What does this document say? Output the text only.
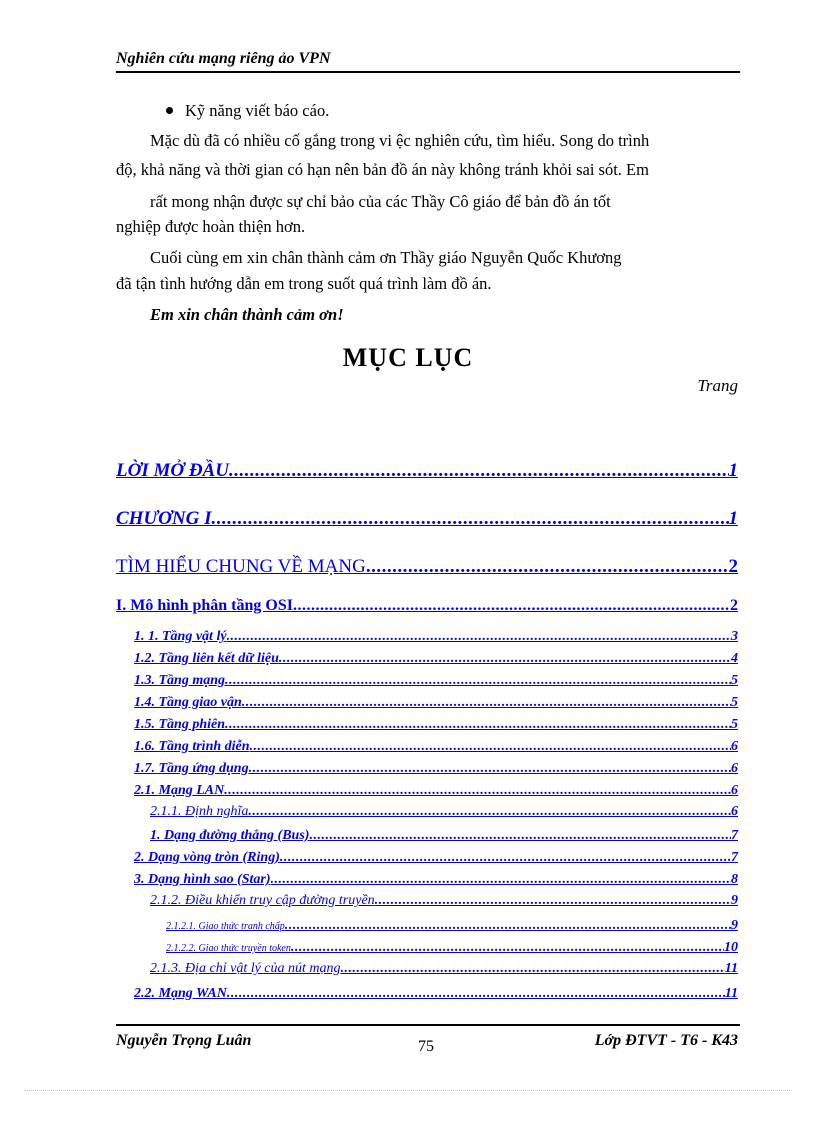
Nghiên cứu mạng riêng ảo VPN
Kỹ năng viết báo cáo.
Mặc dù đã có nhiều cố gắng trong vi ệc nghiên cứu, tìm hiểu. Song do trình
độ, khả năng và thời gian có hạn nên bản đồ án này không tránh khỏi sai sót. Em
rất mong nhận được sự chỉ bảo của các Thầy Cô giáo để bản đồ án tốt
nghiệp được hoàn thiện hơn.
Cuối cùng em xin chân thành cảm ơn Thầy giáo Nguyễn Quốc Khương
đã tận tình hướng dẫn em trong suốt quá trình làm đồ án.
Em xin chân thành cảm ơn!
MỤC LỤC
Trang
LỜI MỞ ĐẦU .....	1
CHƯƠNG I .....	1
TÌM HIỂU CHUNG VỀ MẠNG .....	2
I. Mô hình phân tầng OSI .....	2
1. 1. Tầng vật lý .....	3
1.2. Tầng liên kết dữ liệu .....	4
1.3. Tầng mạng .....	5
1.4. Tầng giao vận .....	5
1.5. Tầng phiên .....	5
1.6. Tầng trình diễn .....	6
1.7. Tầng ứng dụng .....	6
2.1. Mạng LAN .....	6
2.1.1. Định nghĩa .....	6
1. Dạng đường thẳng (Bus) .....	7
2. Dạng vòng tròn (Ring) .....	7
3. Dạng hình sao (Star) .....	8
2.1.2. Điều khiển truy cập đường truyền .....	9
2.1.2.1. Giao thức tranh chấp .....	9
2.1.2.2. Giao thức truyền token .....	10
2.1.3. Địa chỉ vật lý của nút mạng .....	11
2.2. Mạng WAN .....	11
Nguyễn Trọng Luân	75	Lớp ĐTVT - T6 - K43
